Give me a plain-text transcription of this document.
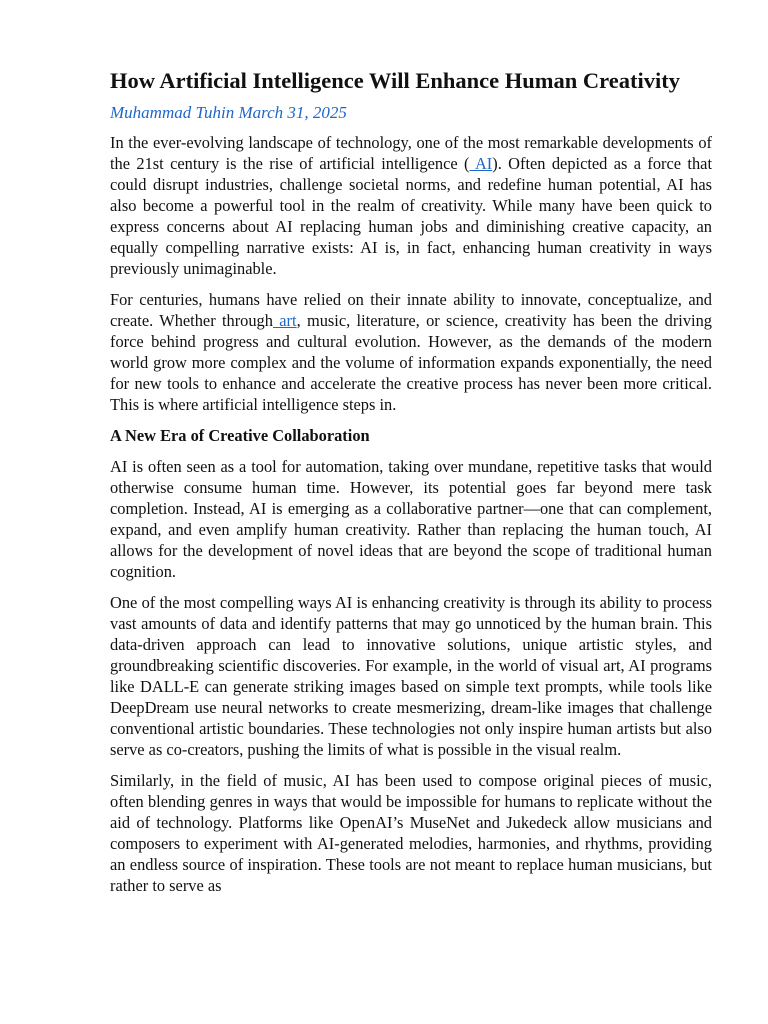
How Artificial Intelligence Will Enhance Human Creativity
Muhammad Tuhin March 31, 2025

In the ever-evolving landscape of technology, one of the most remarkable developments of the 21st century is the rise of artificial intelligence ( AI). Often depicted as a force that could disrupt industries, challenge societal norms, and redefine human potential, AI has also become a powerful tool in the realm of creativity. While many have been quick to express concerns about AI replacing human jobs and diminishing creative capacity, an equally compelling narrative exists: AI is, in fact, enhancing human creativity in ways previously unimaginable.

For centuries, humans have relied on their innate ability to innovate, conceptualize, and create. Whether through art, music, literature, or science, creativity has been the driving force behind progress and cultural evolution. However, as the demands of the modern world grow more complex and the volume of information expands exponentially, the need for new tools to enhance and accelerate the creative process has never been more critical. This is where artificial intelligence steps in.

A New Era of Creative Collaboration

AI is often seen as a tool for automation, taking over mundane, repetitive tasks that would otherwise consume human time. However, its potential goes far beyond mere task completion. Instead, AI is emerging as a collaborative partner—one that can complement, expand, and even amplify human creativity. Rather than replacing the human touch, AI allows for the development of novel ideas that are beyond the scope of traditional human cognition.

One of the most compelling ways AI is enhancing creativity is through its ability to process vast amounts of data and identify patterns that may go unnoticed by the human brain. This data-driven approach can lead to innovative solutions, unique artistic styles, and groundbreaking scientific discoveries. For example, in the world of visual art, AI programs like DALL-E can generate striking images based on simple text prompts, while tools like DeepDream use neural networks to create mesmerizing, dream-like images that challenge conventional artistic boundaries. These technologies not only inspire human artists but also serve as co-creators, pushing the limits of what is possible in the visual realm.

Similarly, in the field of music, AI has been used to compose original pieces of music, often blending genres in ways that would be impossible for humans to replicate without the aid of technology. Platforms like OpenAI’s MuseNet and Jukedeck allow musicians and composers to experiment with AI-generated melodies, harmonies, and rhythms, providing an endless source of inspiration. These tools are not meant to replace human musicians, but rather to serve as
